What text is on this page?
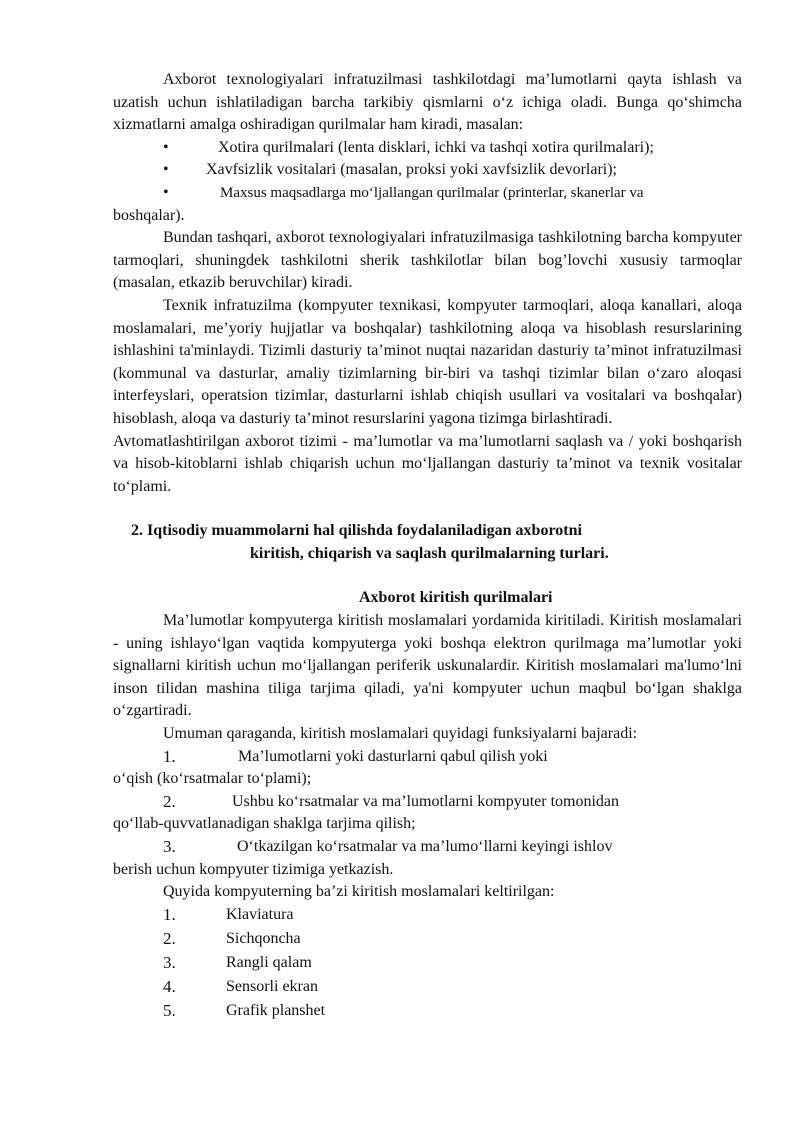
Axborot texnologiyalari infratuzilmasi tashkilotdagi ma’lumotlarni qayta ishlash va uzatish uchun ishlatiladigan barcha tarkibiy qismlarni o‘z ichiga oladi. Bunga qo‘shimcha xizmatlarni amalga oshiradigan qurilmalar ham kiradi, masalan:

•	Xotira qurilmalari (lenta disklari, ichki va tashqi xotira qurilmalari);
• Xavfsizlik vositalari (masalan, proksi yoki xavfsizlik devorlari);
•	Maxsus maqsadlarga mo‘ljallangan qurilmalar (printerlar, skanerlar va

boshqalar).

Bundan tashqari, axborot texnologiyalari infratuzilmasiga tashkilotning barcha kompyuter tarmoqlari, shuningdek tashkilotni sherik tashkilotlar bilan bog’lovchi xususiy tarmoqlar (masalan, etkazib beruvchilar) kiradi.

Texnik infratuzilma (kompyuter texnikasi, kompyuter tarmoqlari, aloqa kanallari, aloqa moslamalari, me’yoriy hujjatlar va boshqalar) tashkilotning aloqa va hisoblash resurslarining ishlashini ta'minlaydi. Tizimli dasturiy ta’minot nuqtai nazaridan dasturiy ta’minot infratuzilmasi (kommunal va dasturlar, amaliy tizimlarning bir-biri va tashqi tizimlar bilan o‘zaro aloqasi interfeyslari, operatsion tizimlar, dasturlarni ishlab chiqish usullari va vositalari va boshqalar) hisoblash, aloqa va dasturiy ta’minot resurslarini yagona tizimga birlashtiradi.

Avtomatlashtirilgan axborot tizimi - ma’lumotlar va ma’lumotlarni saqlash va / yoki boshqarish va hisob-kitoblarni ishlab chiqarish uchun mo‘ljallangan dasturiy ta’minot va texnik vositalar to‘plami.

2. Iqtisodiy muammolarni hal qilishda foydalaniladigan axborotni
kiritish, chiqarish va saqlash qurilmalarning turlari.
Axborot kiritish qurilmalari

Ma’lumotlar kompyuterga kiritish moslamalari yordamida kiritiladi. Kiritish moslamalari - uning ishlayo‘lgan vaqtida kompyuterga yoki boshqa elektron qurilmaga ma’lumotlar yoki signallarni kiritish uchun mo‘ljallangan periferik uskunalardir. Kiritish moslamalari ma'lumo‘lni inson tilidan mashina tiliga tarjima qiladi, ya'ni kompyuter uchun maqbul bo‘lgan shaklga o‘zgartiradi.

Umuman qaraganda, kiritish moslamalari quyidagi funksiyalarni bajaradi:

1.	Ma’lumotlarni yoki dasturlarni qabul qilish yoki

o‘qish (ko‘rsatmalar to‘plami);

2.	Ushbu ko‘rsatmalar va ma’lumotlarni kompyuter tomonidan

qo‘llab-quvvatlanadigan shaklga tarjima qilish;

3.	O‘tkazilgan ko‘rsatmalar va ma’lumo‘llarni keyingi ishlov

berish uchun kompyuter tizimiga yetkazish.

Quyida kompyuterning ba’zi kiritish moslamalari keltirilgan:

1.	Klaviatura
2.	Sichqoncha
3.	Rangli qalam
4.	Sensorli ekran
5.	Grafik planshet
